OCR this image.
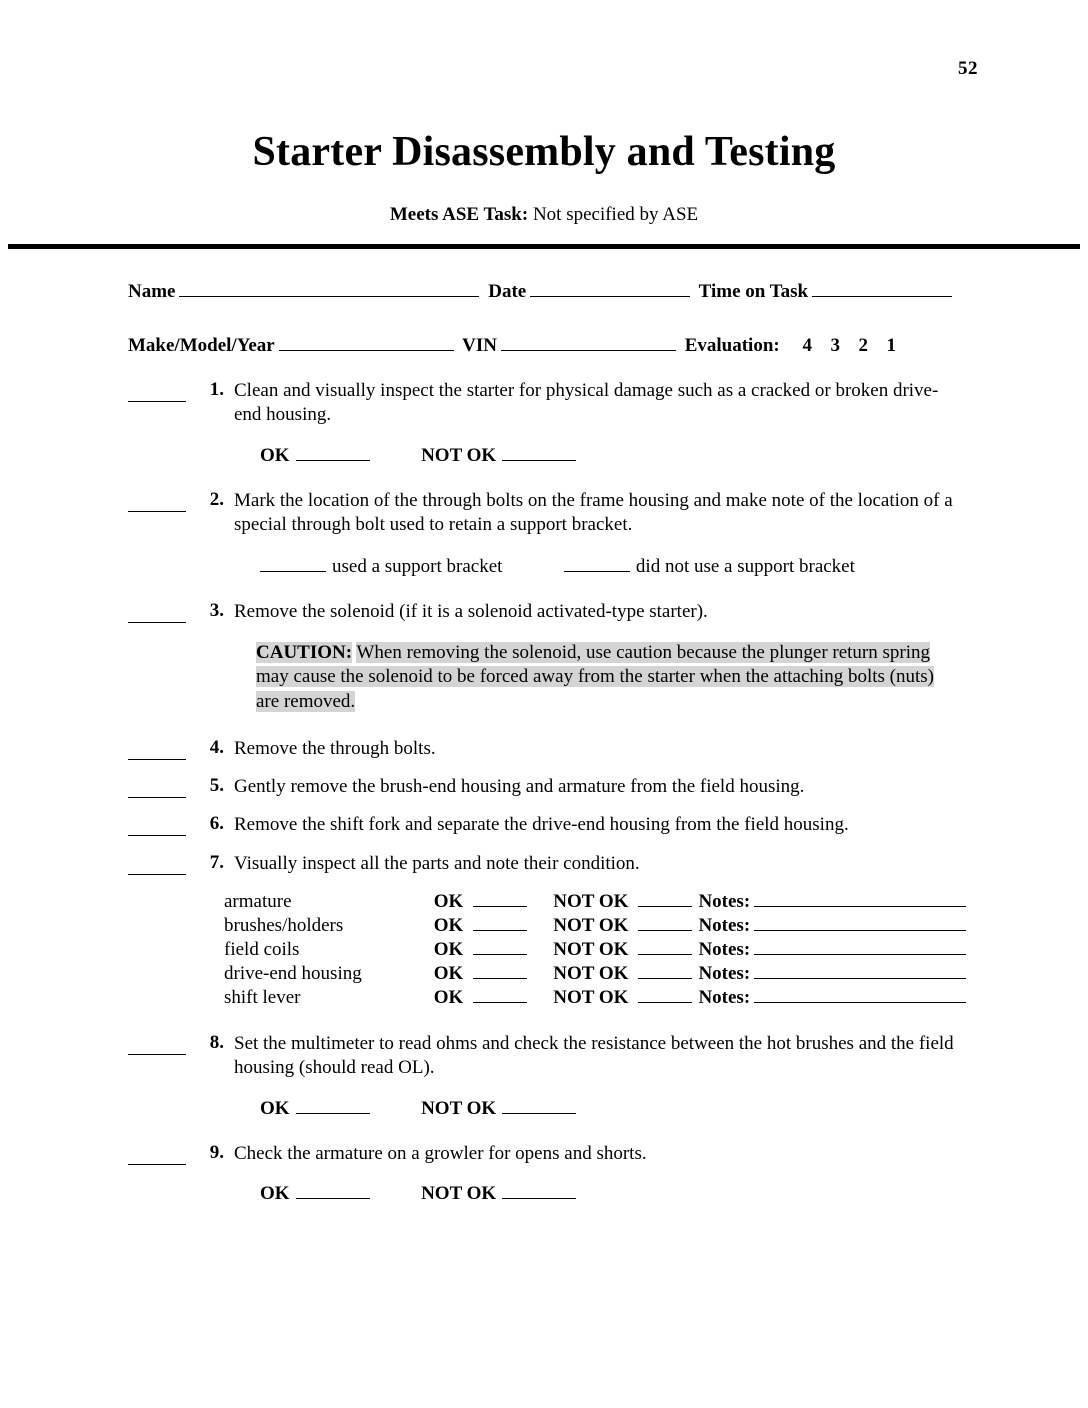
52
Starter Disassembly and Testing
Meets ASE Task: Not specified by ASE
Name	Date	Time on Task
Make/Model/Year	VIN	Evaluation: 4 3 2 1
1. Clean and visually inspect the starter for physical damage such as a cracked or broken drive-end housing.
OK	NOT OK
2. Mark the location of the through bolts on the frame housing and make note of the location of a special through bolt used to retain a support bracket.
used a support bracket	did not use a support bracket
3. Remove the solenoid (if it is a solenoid activated-type starter).
CAUTION: When removing the solenoid, use caution because the plunger return spring may cause the solenoid to be forced away from the starter when the attaching bolts (nuts) are removed.
4. Remove the through bolts.
5. Gently remove the brush-end housing and armature from the field housing.
6. Remove the shift fork and separate the drive-end housing from the field housing.
7. Visually inspect all the parts and note their condition.
armature	OK		NOT OK		Notes:	
brushes/holders	OK		NOT OK		Notes:	
field coils	OK		NOT OK		Notes:	
drive-end housing	OK		NOT OK		Notes:	
shift lever	OK		NOT OK		Notes:	
8. Set the multimeter to read ohms and check the resistance between the hot brushes and the field housing (should read OL).
OK	NOT OK
9. Check the armature on a growler for opens and shorts.
OK	NOT OK
